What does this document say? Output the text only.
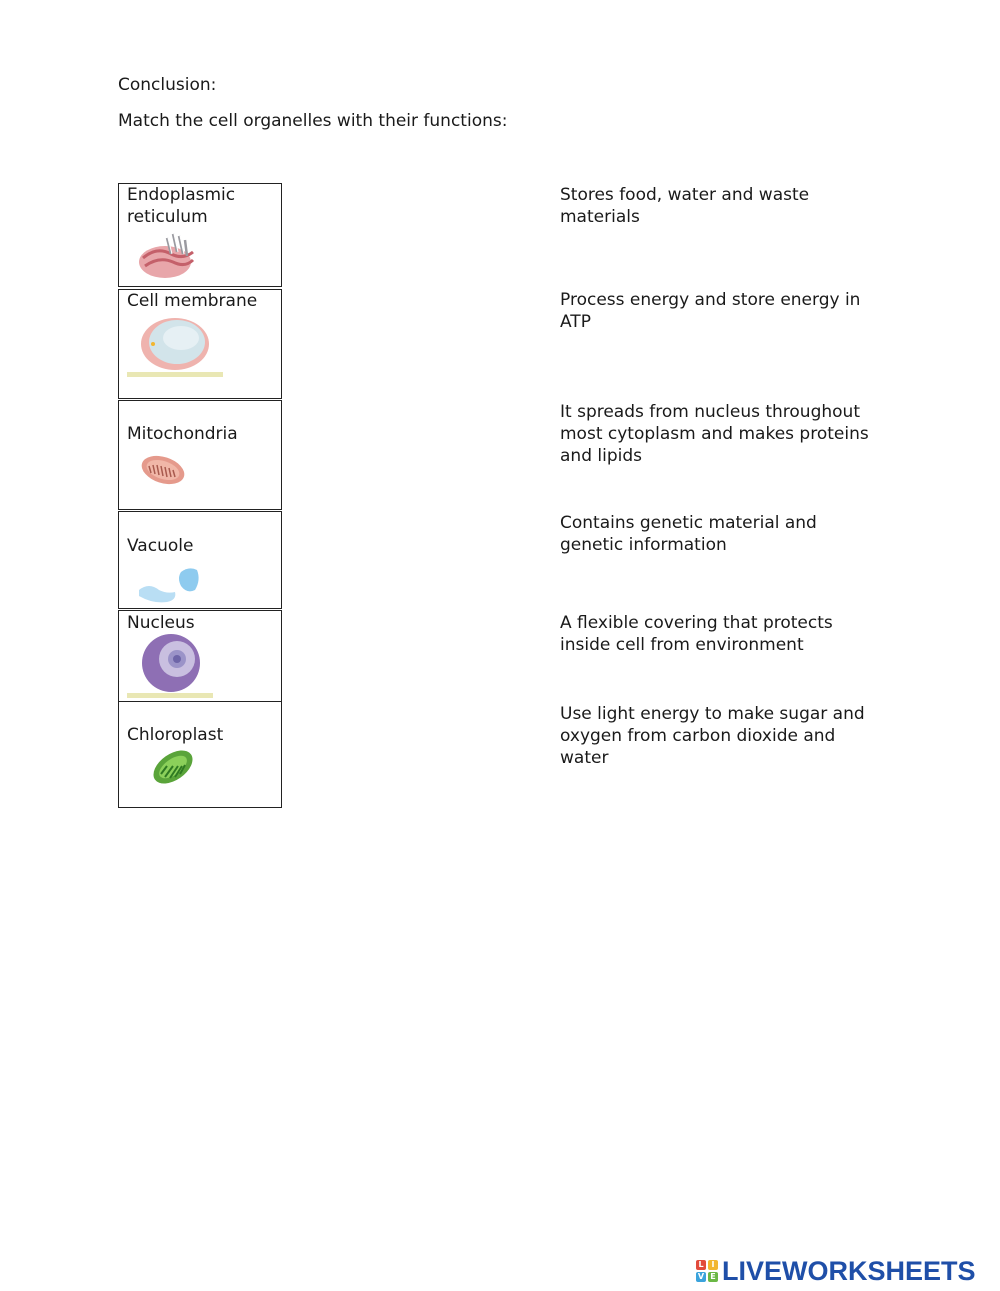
Conclusion:
Match the cell organelles with their functions:
Endoplasmic reticulum
Cell membrane
Mitochondria
Vacuole
Nucleus
Chloroplast
Stores food, water and waste materials
Process energy and store energy in ATP
It spreads from nucleus throughout most cytoplasm and makes proteins and lipids
Contains genetic material and genetic information
A flexible covering that protects inside cell from environment
Use light energy to make sugar and oxygen from carbon dioxide and water
L I
V E LIVEWORKSHEETS
